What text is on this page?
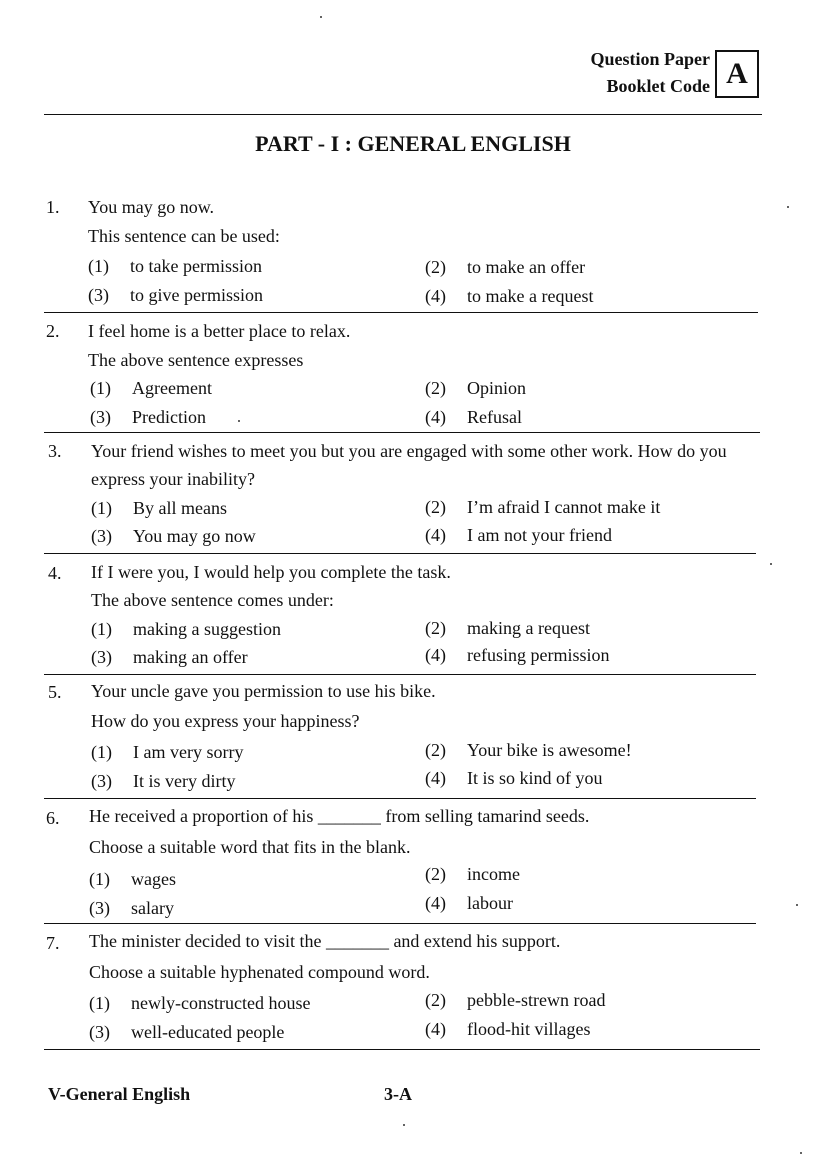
Question Paper
Booklet Code A
PART - I : GENERAL ENGLISH
1. You may go now.
This sentence can be used:
(1) to take permission	(2) to make an offer
(3) to give permission	(4) to make a request
2. I feel home is a better place to relax.
The above sentence expresses
(1) Agreement	(2) Opinion
(3) Prediction	(4) Refusal
3. Your friend wishes to meet you but you are engaged with some other work. How do you
express your inability?
(1) By all means	(2) I’m afraid I cannot make it
(3) You may go now	(4) I am not your friend
4. If I were you, I would help you complete the task.
The above sentence comes under:
(1) making a suggestion	(2) making a request
(3) making an offer	(4) refusing permission
5. Your uncle gave you permission to use his bike.
How do you express your happiness?
(1) I am very sorry	(2) Your bike is awesome!
(3) It is very dirty	(4) It is so kind of you
6. He received a proportion of his _______ from selling tamarind seeds.
Choose a suitable word that fits in the blank.
(1) wages	(2) income
(3) salary	(4) labour
7. The minister decided to visit the _______ and extend his support.
Choose a suitable hyphenated compound word.
(1) newly-constructed house	(2) pebble-strewn road
(3) well-educated people	(4) flood-hit villages
V-General English	3-A
